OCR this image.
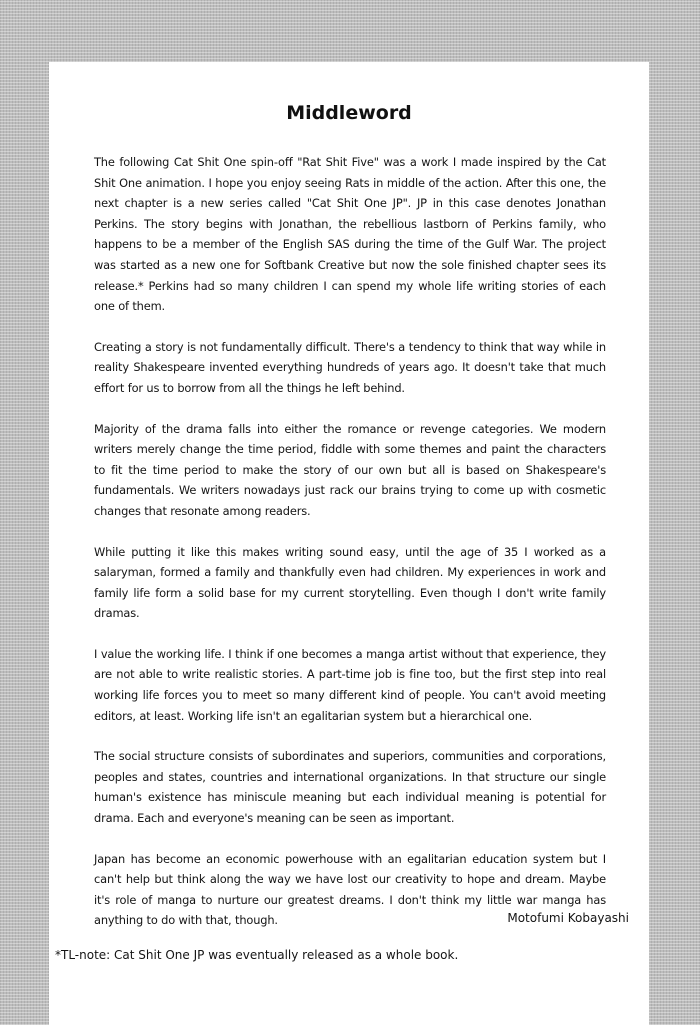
Middleword

The following Cat Shit One spin-off "Rat Shit Five" was a work I made inspired by the Cat Shit One animation. I hope you enjoy seeing Rats in middle of the action. After this one, the next chapter is a new series called "Cat Shit One JP". JP in this case denotes Jonathan Perkins. The story begins with Jonathan, the rebellious lastborn of Perkins family, who happens to be a member of the English SAS during the time of the Gulf War. The project was started as a new one for Softbank Creative but now the sole finished chapter sees its release.* Perkins had so many children I can spend my whole life writing stories of each one of them.

Creating a story is not fundamentally difficult. There's a tendency to think that way while in reality Shakespeare invented everything hundreds of years ago. It doesn't take that much effort for us to borrow from all the things he left behind.

Majority of the drama falls into either the romance or revenge categories. We modern writers merely change the time period, fiddle with some themes and paint the characters to fit the time period to make the story of our own but all is based on Shakespeare's fundamentals. We writers nowadays just rack our brains trying to come up with cosmetic changes that resonate among readers.

While putting it like this makes writing sound easy, until the age of 35 I worked as a salaryman, formed a family and thankfully even had children. My experiences in work and family life form a solid base for my current storytelling. Even though I don't write family dramas.

I value the working life. I think if one becomes a manga artist without that experience, they are not able to write realistic stories. A part-time job is fine too, but the first step into real working life forces you to meet so many different kind of people. You can't avoid meeting editors, at least. Working life isn't an egalitarian system but a hierarchical one.

The social structure consists of subordinates and superiors, communities and corporations, peoples and states, countries and international organizations. In that structure our single human's existence has miniscule meaning but each individual meaning is potential for drama. Each and everyone's meaning can be seen as important.

Japan has become an economic powerhouse with an egalitarian education system but I can't help but think along the way we have lost our creativity to hope and dream. Maybe it's role of manga to nurture our greatest dreams. I don't think my little war manga has anything to do with that, though.	Motofumi Kobayashi
*TL-note: Cat Shit One JP was eventually released as a whole book.
